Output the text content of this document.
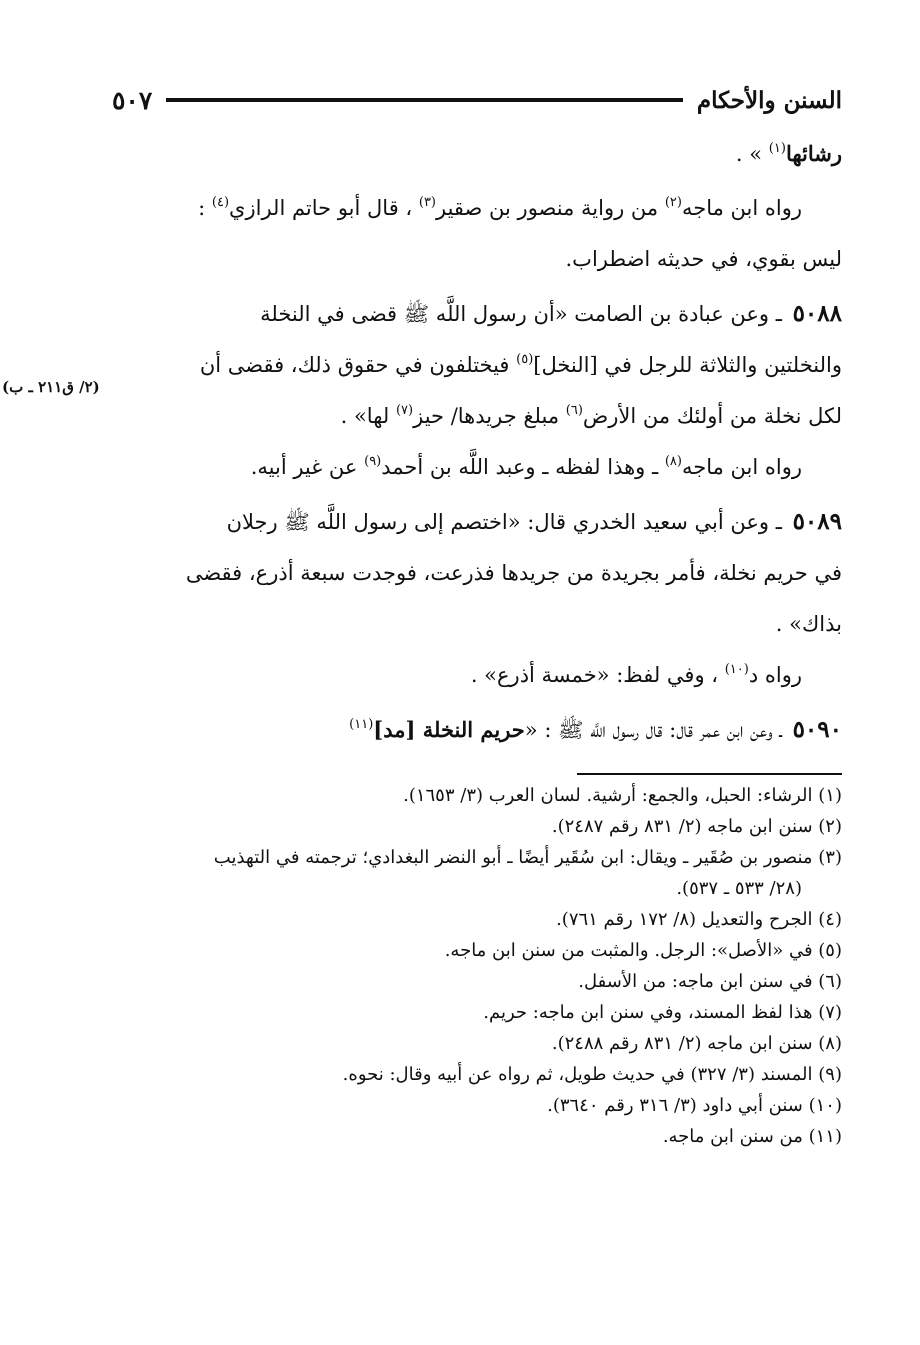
السنن والأحكام
٥٠٧
(٢/ ق٢١١ ـ ب)

رشائها$^{(١)}$ » .

رواه ابن ماجه$^{(٢)}$ من رواية منصور بن صقير$^{(٣)}$ ، قال أبو حاتم الرازي$^{(٤)}$ :

ليس بقوي، في حديثه اضطراب.

٥٠٨٨ ـ وعن عبادة بن الصامت «أن رسول اللَّه ﷺ قضى في النخلة

والنخلتين والثلاثة للرجل في [النخل]$^{(٥)}$ فيختلفون في حقوق ذلك، فقضى أن

لكل نخلة من أولئك من الأرض$^{(٦)}$ مبلغ جريدها/ حيز$^{(٧)}$ لها» .

رواه ابن ماجه$^{(٨)}$ ـ وهذا لفظه ـ وعبد اللَّه بن أحمد$^{(٩)}$ عن غير أبيه.

٥٠٨٩ ـ وعن أبي سعيد الخدري قال: «اختصم إلى رسول اللَّه ﷺ رجلان

في حريم نخلة، فأمر بجريدة من جريدها فذرعت، فوجدت سبعة أذرع، فقضى

بذاك» .

رواه د$^{(١٠)}$ ، وفي لفظ: «خمسة أذرع» .

٥٠٩٠ ـ وعن ابن عمر قال: قال رسول اللَّه ﷺ : «حريم النخلة [مد]$^{(١١)}$

(١) الرشاء: الحبل، والجمع: أرشية. لسان العرب (٣/ ١٦٥٣).

(٢) سنن ابن ماجه (٢/ ٨٣١ رقم ٢٤٨٧).

(٣) منصور بن صُقَير ـ ويقال: ابن سُقَير أيضًا ـ أبو النضر البغدادي؛ ترجمته في التهذيب

(٢٨/ ٥٣٣ ـ ٥٣٧).

(٤) الجرح والتعديل (٨/ ١٧٢ رقم ٧٦١).

(٥) في «الأصل»: الرجل. والمثبت من سنن ابن ماجه.

(٦) في سنن ابن ماجه: من الأسفل.

(٧) هذا لفظ المسند، وفي سنن ابن ماجه: حريم.

(٨) سنن ابن ماجه (٢/ ٨٣١ رقم ٢٤٨٨).

(٩) المسند (٣/ ٣٢٧) في حديث طويل، ثم رواه عن أبيه وقال: نحوه.

(١٠) سنن أبي داود (٣/ ٣١٦ رقم ٣٦٤٠).

(١١) من سنن ابن ماجه.
